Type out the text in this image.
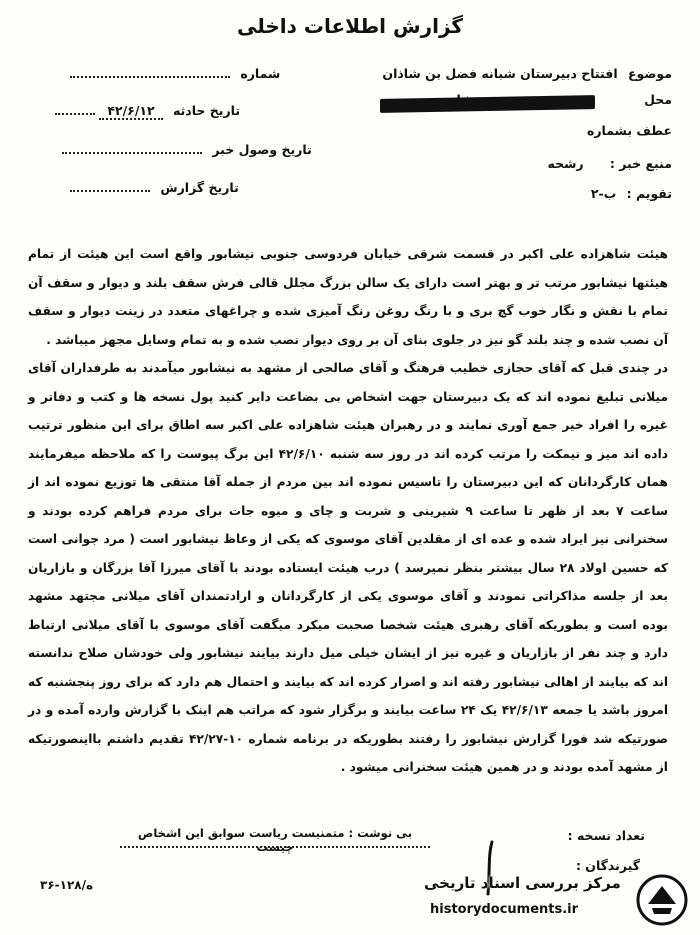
گزارش اطلاعات داخلی
شماره
تاریخ حادثه ۴۲/۶/۱۲
تاریخ وصول خبر
تاریخ گزارش
موضوع افتتاح دبیرستان شبانه فضل بن شاذان
محل
عطف بشماره
منبع خبر : رشحه
تقویم : ب-۲

هیئت شاهزاده علی اکبر در قسمت شرقی خیابان فردوسی جنوبی نیشابور واقع است این هیئت از تمام هیئتها نیشابور مرتب تر و بهتر است دارای یک سالن بزرگ مجلل قالی فرش سقف بلند و دیوار و سقف آن تمام با نقش و نگار خوب گچ بری و با رنگ روغن رنگ آمیزی شده و چراغهای متعدد در زینت دیوار و سقف آن نصب شده و چند بلند گو نیز در جلوی بنای آن بر روی دیوار نصب شده و به تمام وسایل مجهز میباشد .

در چندی قبل که آقای حجازی خطیب فرهنگ و آقای صالحی از مشهد به نیشابور میآمدند به طرفداران آقای میلانی تبلیغ نموده اند که یک دبیرستان جهت اشخاص بی بضاعت دایر کنید پول نسخه ها و کتب و دفاتر و غیره را افراد خیر جمع آوری نمایند و در رهبران هیئت شاهزاده علی اکبر سه اطاق برای این منظور ترتیب داده اند میز و نیمکت را مرتب کرده اند در روز سه شنبه ۴۲/۶/۱۰ این برگ پیوست را که ملاحظه میفرمایند همان کارگردانان که این دبیرستان را تاسیس نموده اند بین مردم از جمله آقا منتقی ها توزیع نموده اند از ساعت ۷ بعد از ظهر تا ساعت ۹ شیرینی و شربت و چای و میوه جات برای مردم فراهم کرده بودند و سخنرانی نیز ایراد شده و عده ای از مقلدین آقای موسوی که یکی از وعاظ نیشابور است ( مرد جوانی است که حسین اولاد ۲۸ سال بیشتر بنظر نمیرسد ) درب هیئت ایستاده بودند با آقای میرزا آقا بزرگان و بازاریان بعد از جلسه مذاکراتی نمودند و آقای موسوی یکی از کارگردانان و ارادتمندان آقای میلانی مجتهد مشهد بوده است و بطوریکه آقای رهبری هیئت شخصا صحبت میکرد میگفت آقای موسوی با آقای میلانی ارتباط دارد و چند نفر از بازاریان و غیره نیز از ایشان خیلی میل دارند بیایند نیشابور ولی خودشان صلاح ندانسته اند که بیایند از اهالی نیشابور رفته اند و اصرار کرده اند که بیایند و احتمال هم دارد که برای روز پنجشنبه که امروز باشد یا جمعه ۴۲/۶/۱۳ یک ۲۴ ساعت بیایند و برگزار شود که مراتب هم اینک با گزارش وارده آمده و در صورتیکه شد فورا گزارش نیشابور را رفتند بطوریکه در برنامه شماره ۱۰-۴۲/۲۷ تقدیم داشتم بااینصورتیکه از مشهد آمده بودند و در همین هیئت سخنرانی میشود .

تعداد نسخه :
گیرندگان :
بی نوشت : متمنیست ریاست سوابق این اشخاص چیست
۳۶-۱۲۸/ه	مرکز بررسی اسناد تاریخی
historydocuments.ir
